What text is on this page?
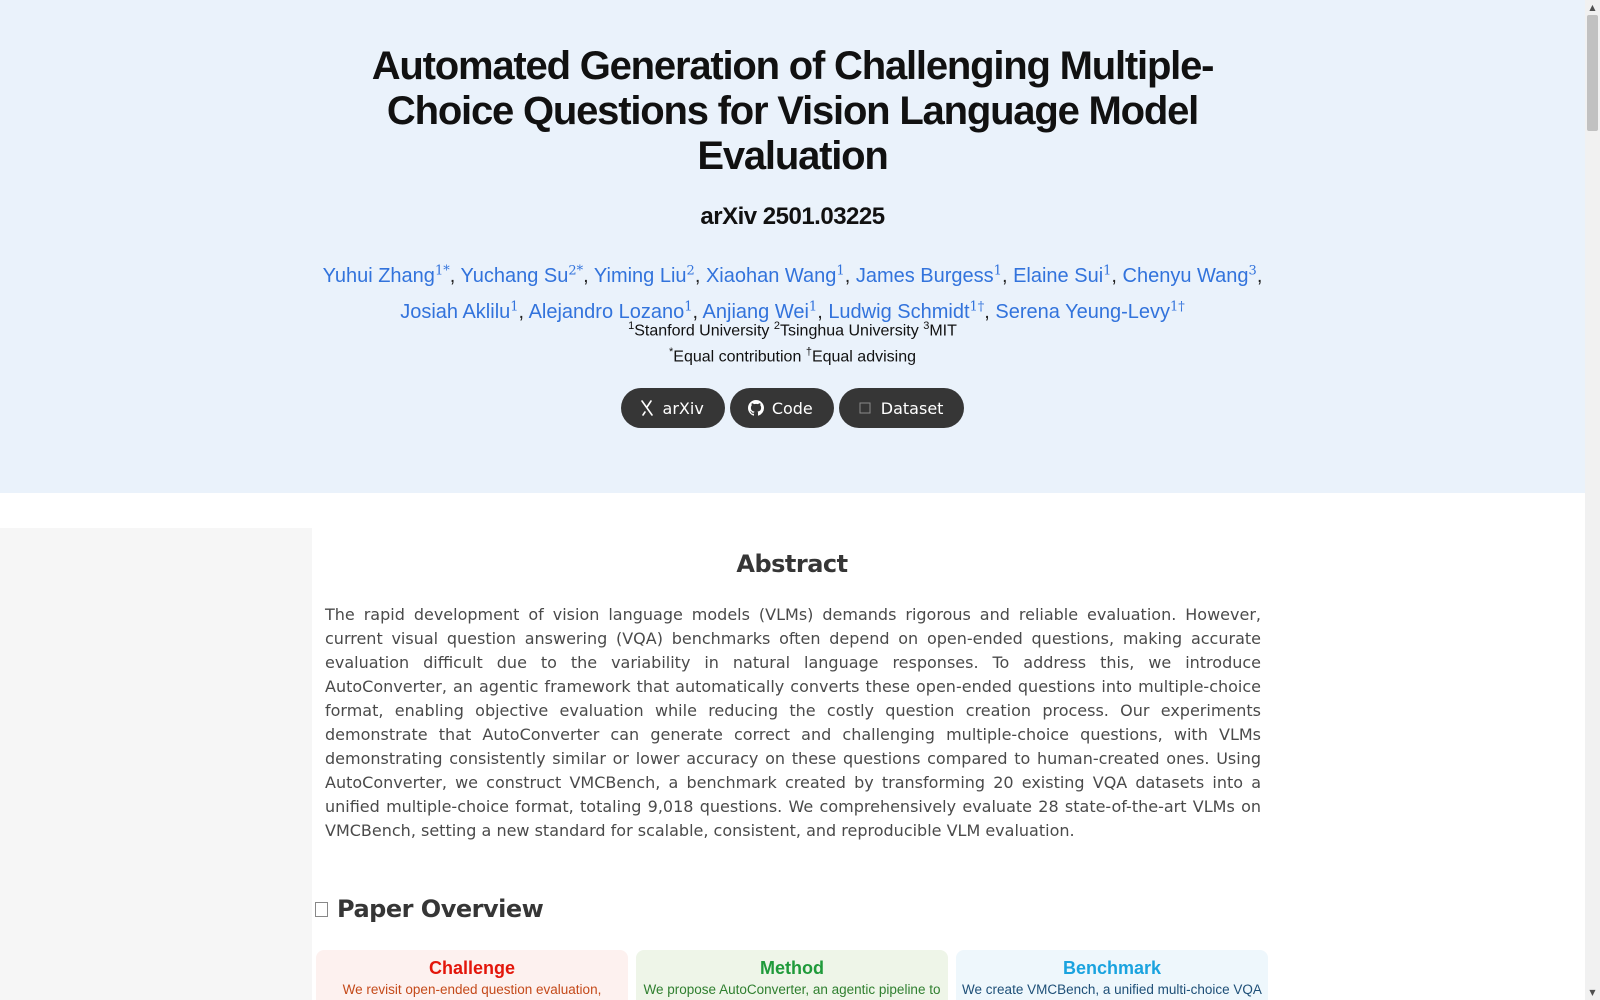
Automated Generation of Challenging Multiple-Choice Questions for Vision Language Model Evaluation
arXiv 2501.03225
Yuhui Zhang$^{1*}$, Yuchang $Su^{2*}$, Yiming Liu$^2$, Xiaohan Wang$^1$, James Burgess$^1$, Elaine Sui$^1$, Chenyu Wang$^3$, Josiah Aklilu$^1$, Alejandro Lozano$^1$, Anjiang Wei$^1$, Ludwig Schmidt$^{1\dagger}$, Serena Yeung-Levy$^{1\dagger}$
$^1$Stanford University $^2$Tsinghua University $^3$MIT
*Equal contribution †Equal advising
arXiv	Code	Dataset
Abstract

The rapid development of vision language models (VLMs) demands rigorous and reliable evaluation. However, current visual question answering (VQA) benchmarks often depend on open-ended questions, making accurate evaluation difficult due to the variability in natural language responses. To address this, we introduce AutoConverter, an agentic framework that automatically converts these open-ended questions into multiple-choice format, enabling objective evaluation while reducing the costly question creation process. Our experiments demonstrate that AutoConverter can generate correct and challenging multiple-choice questions, with VLMs demonstrating consistently similar or lower accuracy on these questions compared to human-created ones. Using AutoConverter, we construct VMCBench, a benchmark created by transforming 20 existing VQA datasets into a unified multiple-choice format, totaling 9,018 questions. We comprehensively evaluate 28 state-of-the-art VLMs on VMCBench, setting a new standard for scalable, consistent, and reproducible VLM evaluation.

Paper Overview
Challenge

We revisit open-ended question evaluation,

Method

We propose AutoConverter, an agentic pipeline to

Benchmark

We create VMCBench, a unified multi-choice VQA

▲
▼
